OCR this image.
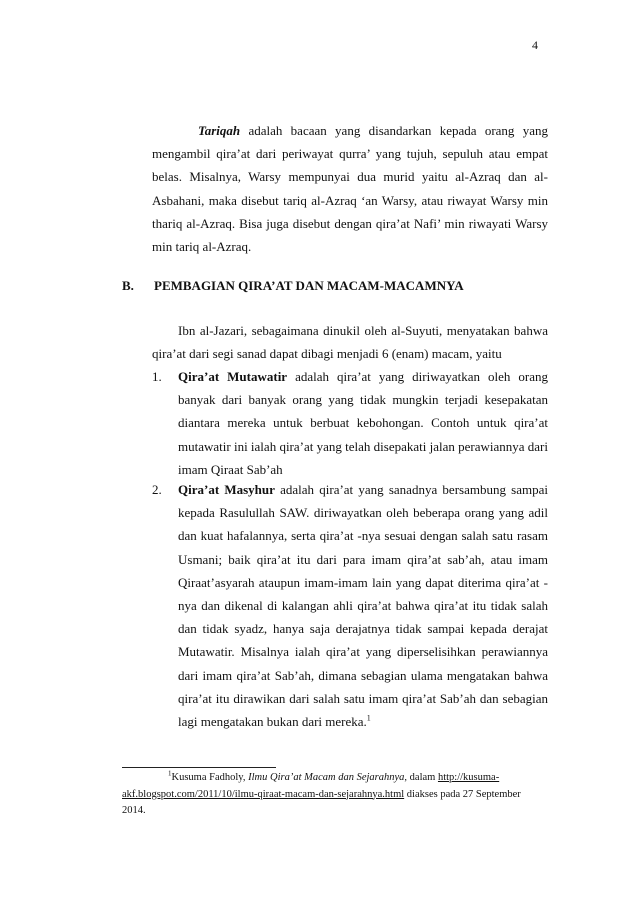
4

Tariqah adalah bacaan yang disandarkan kepada orang yang mengambil qira’at dari periwayat qurra’ yang tujuh, sepuluh atau empat belas. Misalnya, Warsy mempunyai dua murid yaitu al-Azraq dan al-Asbahani, maka disebut tariq al-Azraq ‘an Warsy, atau riwayat Warsy min thariq al-Azraq. Bisa juga disebut dengan qira’at Nafi’ min riwayati Warsy min tariq al-Azraq.

B. PEMBAGIAN QIRA’AT DAN MACAM-MACAMNYA

Ibn al-Jazari, sebagaimana dinukil oleh al-Suyuti, menyatakan bahwa qira’at dari segi sanad dapat dibagi menjadi 6 (enam) macam, yaitu

1. Qira’at Mutawatir adalah qira’at yang diriwayatkan oleh orang banyak dari banyak orang yang tidak mungkin terjadi kesepakatan diantara mereka untuk berbuat kebohongan. Contoh untuk qira’at mutawatir ini ialah qira’at yang telah disepakati jalan perawiannya dari imam Qiraat Sab’ah
2. Qira’at Masyhur adalah qira’at yang sanadnya bersambung sampai kepada Rasulullah SAW. diriwayatkan oleh beberapa orang yang adil dan kuat hafalannya, serta qira’at -nya sesuai dengan salah satu rasam Usmani; baik qira’at itu dari para imam qira’at sab’ah, atau imam Qiraat’asyarah ataupun imam-imam lain yang dapat diterima qira’at -nya dan dikenal di kalangan ahli qira’at bahwa qira’at itu tidak salah dan tidak syadz, hanya saja derajatnya tidak sampai kepada derajat Mutawatir. Misalnya ialah qira’at yang diperselisihkan perawiannya dari imam qira’at Sab’ah, dimana sebagian ulama mengatakan bahwa qira’at itu dirawikan dari salah satu imam qira’at Sab’ah dan sebagian lagi mengatakan bukan dari mereka.$^1$

$^1$Kusuma Fadholy, Ilmu Qira’at Macam dan Sejarahnya, dalam http://kusuma-akf.blogspot.com/2011/10/ilmu-qiraat-macam-dan-sejarahnya.html diakses pada 27 September 2014.
